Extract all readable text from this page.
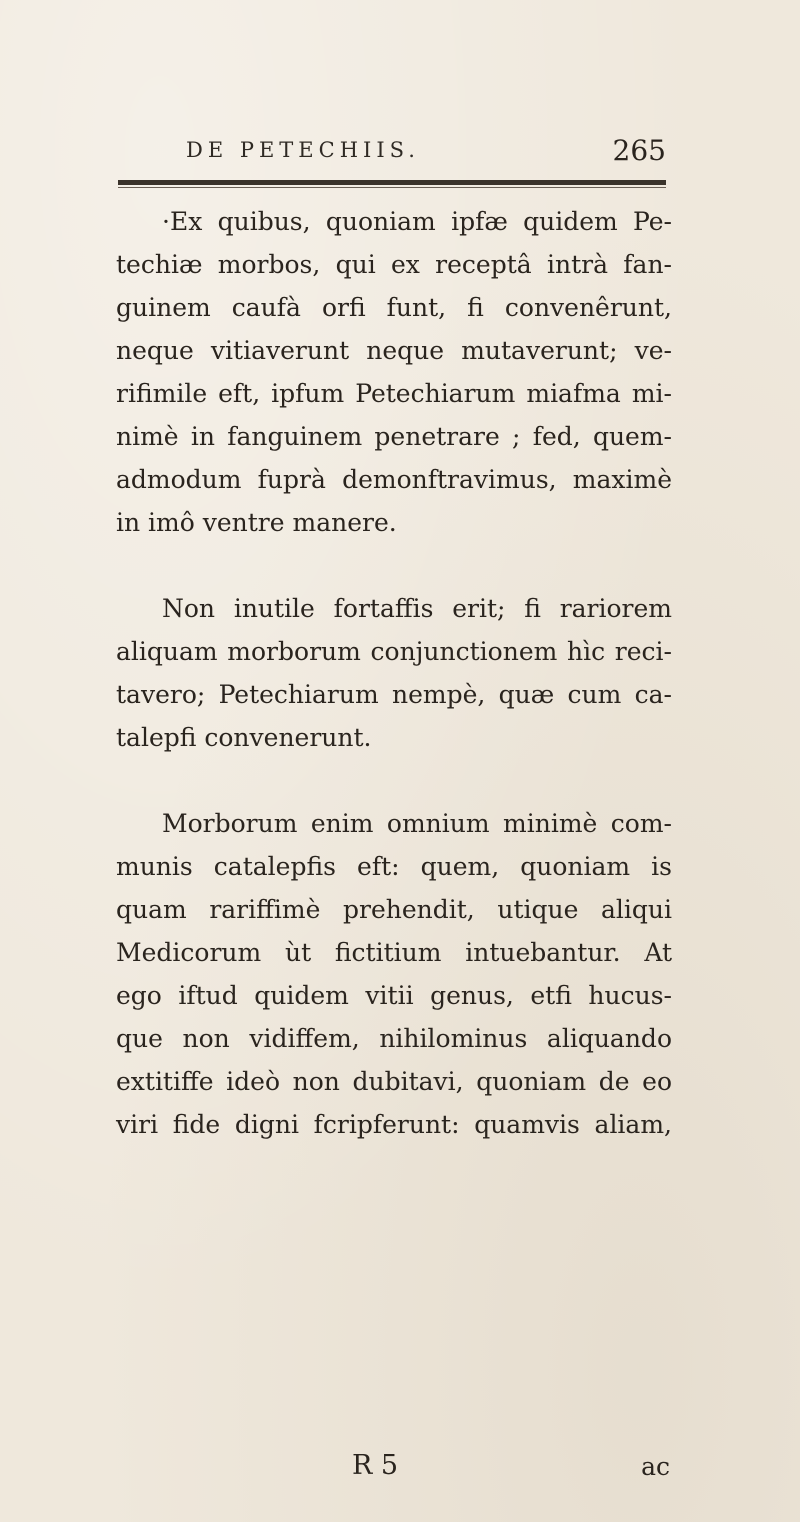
DE PETECHIIS.	265
·Ex quibus, quoniam ipfæ quidem Pe-
techiæ morbos, qui ex receptâ intrà fan-
guinem caufà orfi funt, fi convenêrunt,
neque vitiaverunt neque mutaverunt; ve-
rifimile eft, ipfum Petechiarum miafma mi-
nimè in fanguinem penetrare ; fed, quem-
admodum fuprà demonftravimus, maximè
in imô ventre manere.
Non inutile fortaffis erit; fi rariorem
aliquam morborum conjunctionem hìc reci-
tavero; Petechiarum nempè, quæ cum ca-
talepfi convenerunt.
Morborum enim omnium minimè com-
munis catalepfis eft: quem, quoniam is
quam rariffimè prehendit, utique aliqui
Medicorum ùt fictitium intuebantur. At
ego iftud quidem vitii genus, etfi hucus-
que non vidiffem, nihilominus aliquando
extitiffe ideò non dubitavi, quoniam de eo
viri fide digni fcripferunt: quamvis aliam,
R 5	ac
